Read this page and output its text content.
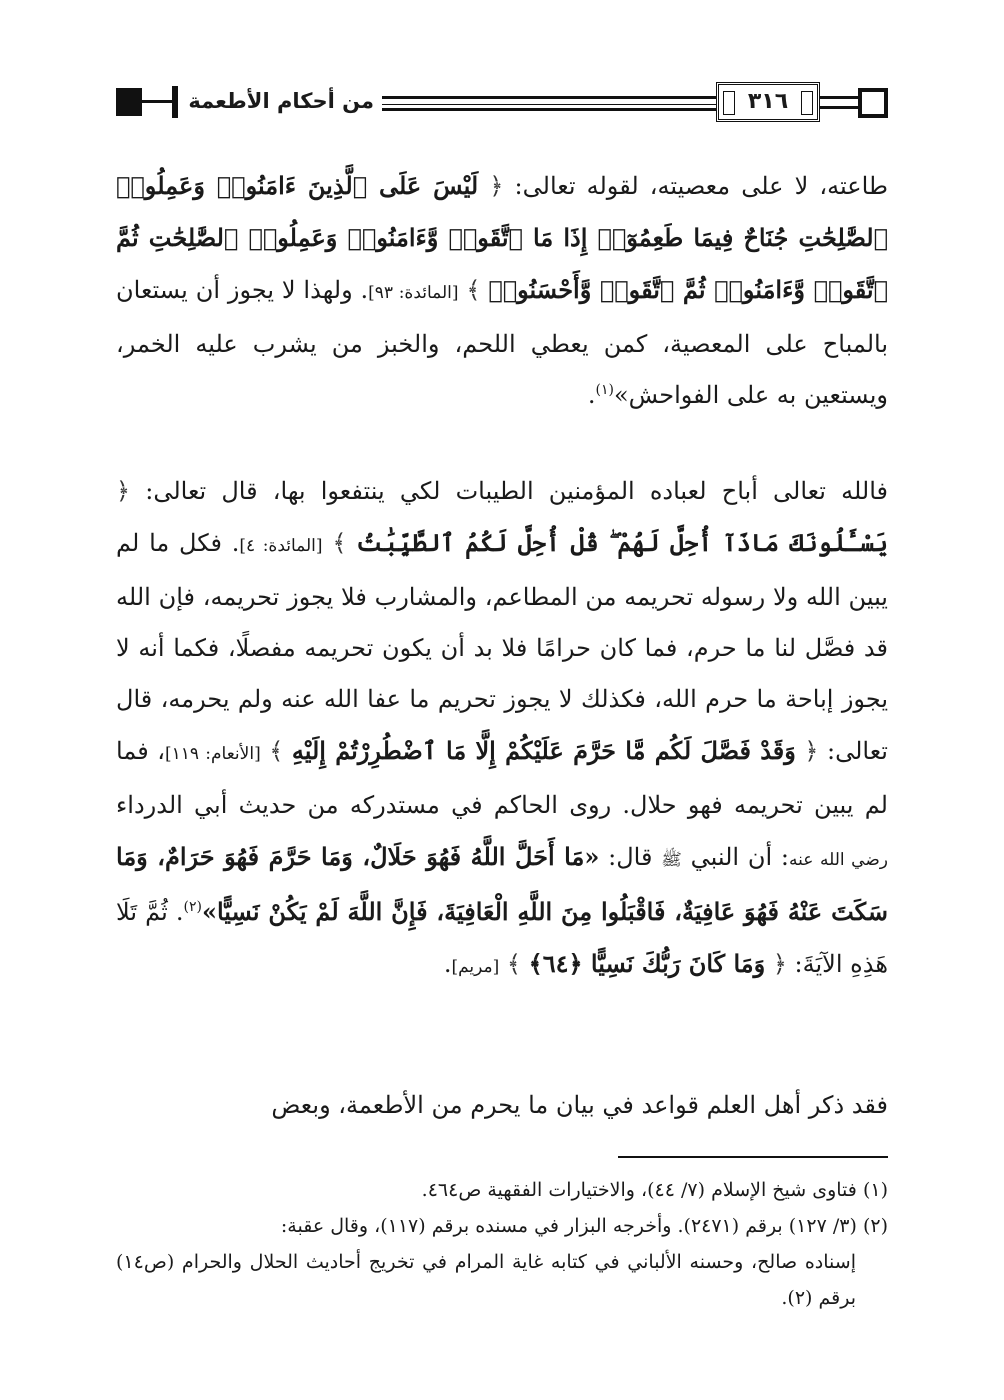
٣١٦
من أحكام الأطعمة
طاعته، لا على معصيته، لقوله تعالى: ﴿ لَيْسَ عَلَى ٱلَّذِينَ ءَامَنُوا۟ وَعَمِلُوا۟ ٱلصَّٰلِحَٰتِ جُنَاحٌ فِيمَا طَعِمُوٓا۟ إِذَا مَا ٱتَّقَوا۟ وَّءَامَنُوا۟ وَعَمِلُوا۟ ٱلصَّٰلِحَٰتِ ثُمَّ ٱتَّقَوا۟ وَّءَامَنُوا۟ ثُمَّ ٱتَّقَوا۟ وَّأَحْسَنُوا۟ ﴾ [المائدة: ٩٣]. ولهذا لا يجوز أن يستعان بالمباح على المعصية، كمن يعطي اللحم، والخبز من يشرب عليه الخمر، ويستعين به على الفواحش»$^{(١)}$.
فالله تعالى أباح لعباده المؤمنين الطيبات لكي ينتفعوا بها، قال تعالى: ﴿ يَسْـَٔلُونَكَ مَاذَآ أُحِلَّ لَهُمْ ۖ قُلْ أُحِلَّ لَكُمُ ٱلطَّيِّبَٰتُ ﴾ [المائدة: ٤]. فكل ما لم يبين الله ولا رسوله تحريمه من المطاعم، والمشارب فلا يجوز تحريمه، فإن الله قد فصَّل لنا ما حرم، فما كان حرامًا فلا بد أن يكون تحريمه مفصلًا، فكما أنه لا يجوز إباحة ما حرم الله، فكذلك لا يجوز تحريم ما عفا الله عنه ولم يحرمه، قال تعالى: ﴿ وَقَدْ فَصَّلَ لَكُم مَّا حَرَّمَ عَلَيْكُمْ إِلَّا مَا ٱضْطُرِرْتُمْ إِلَيْهِ ﴾ [الأنعام: ١١٩]، فما لم يبين تحريمه فهو حلال. روى الحاكم في مستدركه من حديث أبي الدرداء رضي الله عنه: أن النبي ﷺ قال: «مَا أَحَلَّ اللَّهُ فَهُوَ حَلَالٌ، وَمَا حَرَّمَ فَهُوَ حَرَامٌ، وَمَا سَكَتَ عَنْهُ فَهُوَ عَافِيَةٌ، فَاقْبَلُوا مِنَ اللَّهِ الْعَافِيَةَ، فَإِنَّ اللَّهَ لَمْ يَكُنْ نَسِيًّا»$^{(٢)}$. ثُمَّ تَلَا هَذِهِ الآيَةَ: ﴿ وَمَا كَانَ رَبُّكَ نَسِيًّا ﴿٦٤﴾ ﴾ [مريم].
فقد ذكر أهل العلم قواعد في بيان ما يحرم من الأطعمة، وبعض

(١) فتاوى شيخ الإسلام (٧/ ٤٤)، والاختيارات الفقهية ص٤٦٤.

(٢) (٣/ ١٢٧) برقم (٢٤٧١). وأخرجه البزار في مسنده برقم (١١٧)، وقال عقبة:
إسناده صالح، وحسنه الألباني في كتابه غاية المرام في تخريج أحاديث الحلال والحرام (ص١٤) برقم (٢).
